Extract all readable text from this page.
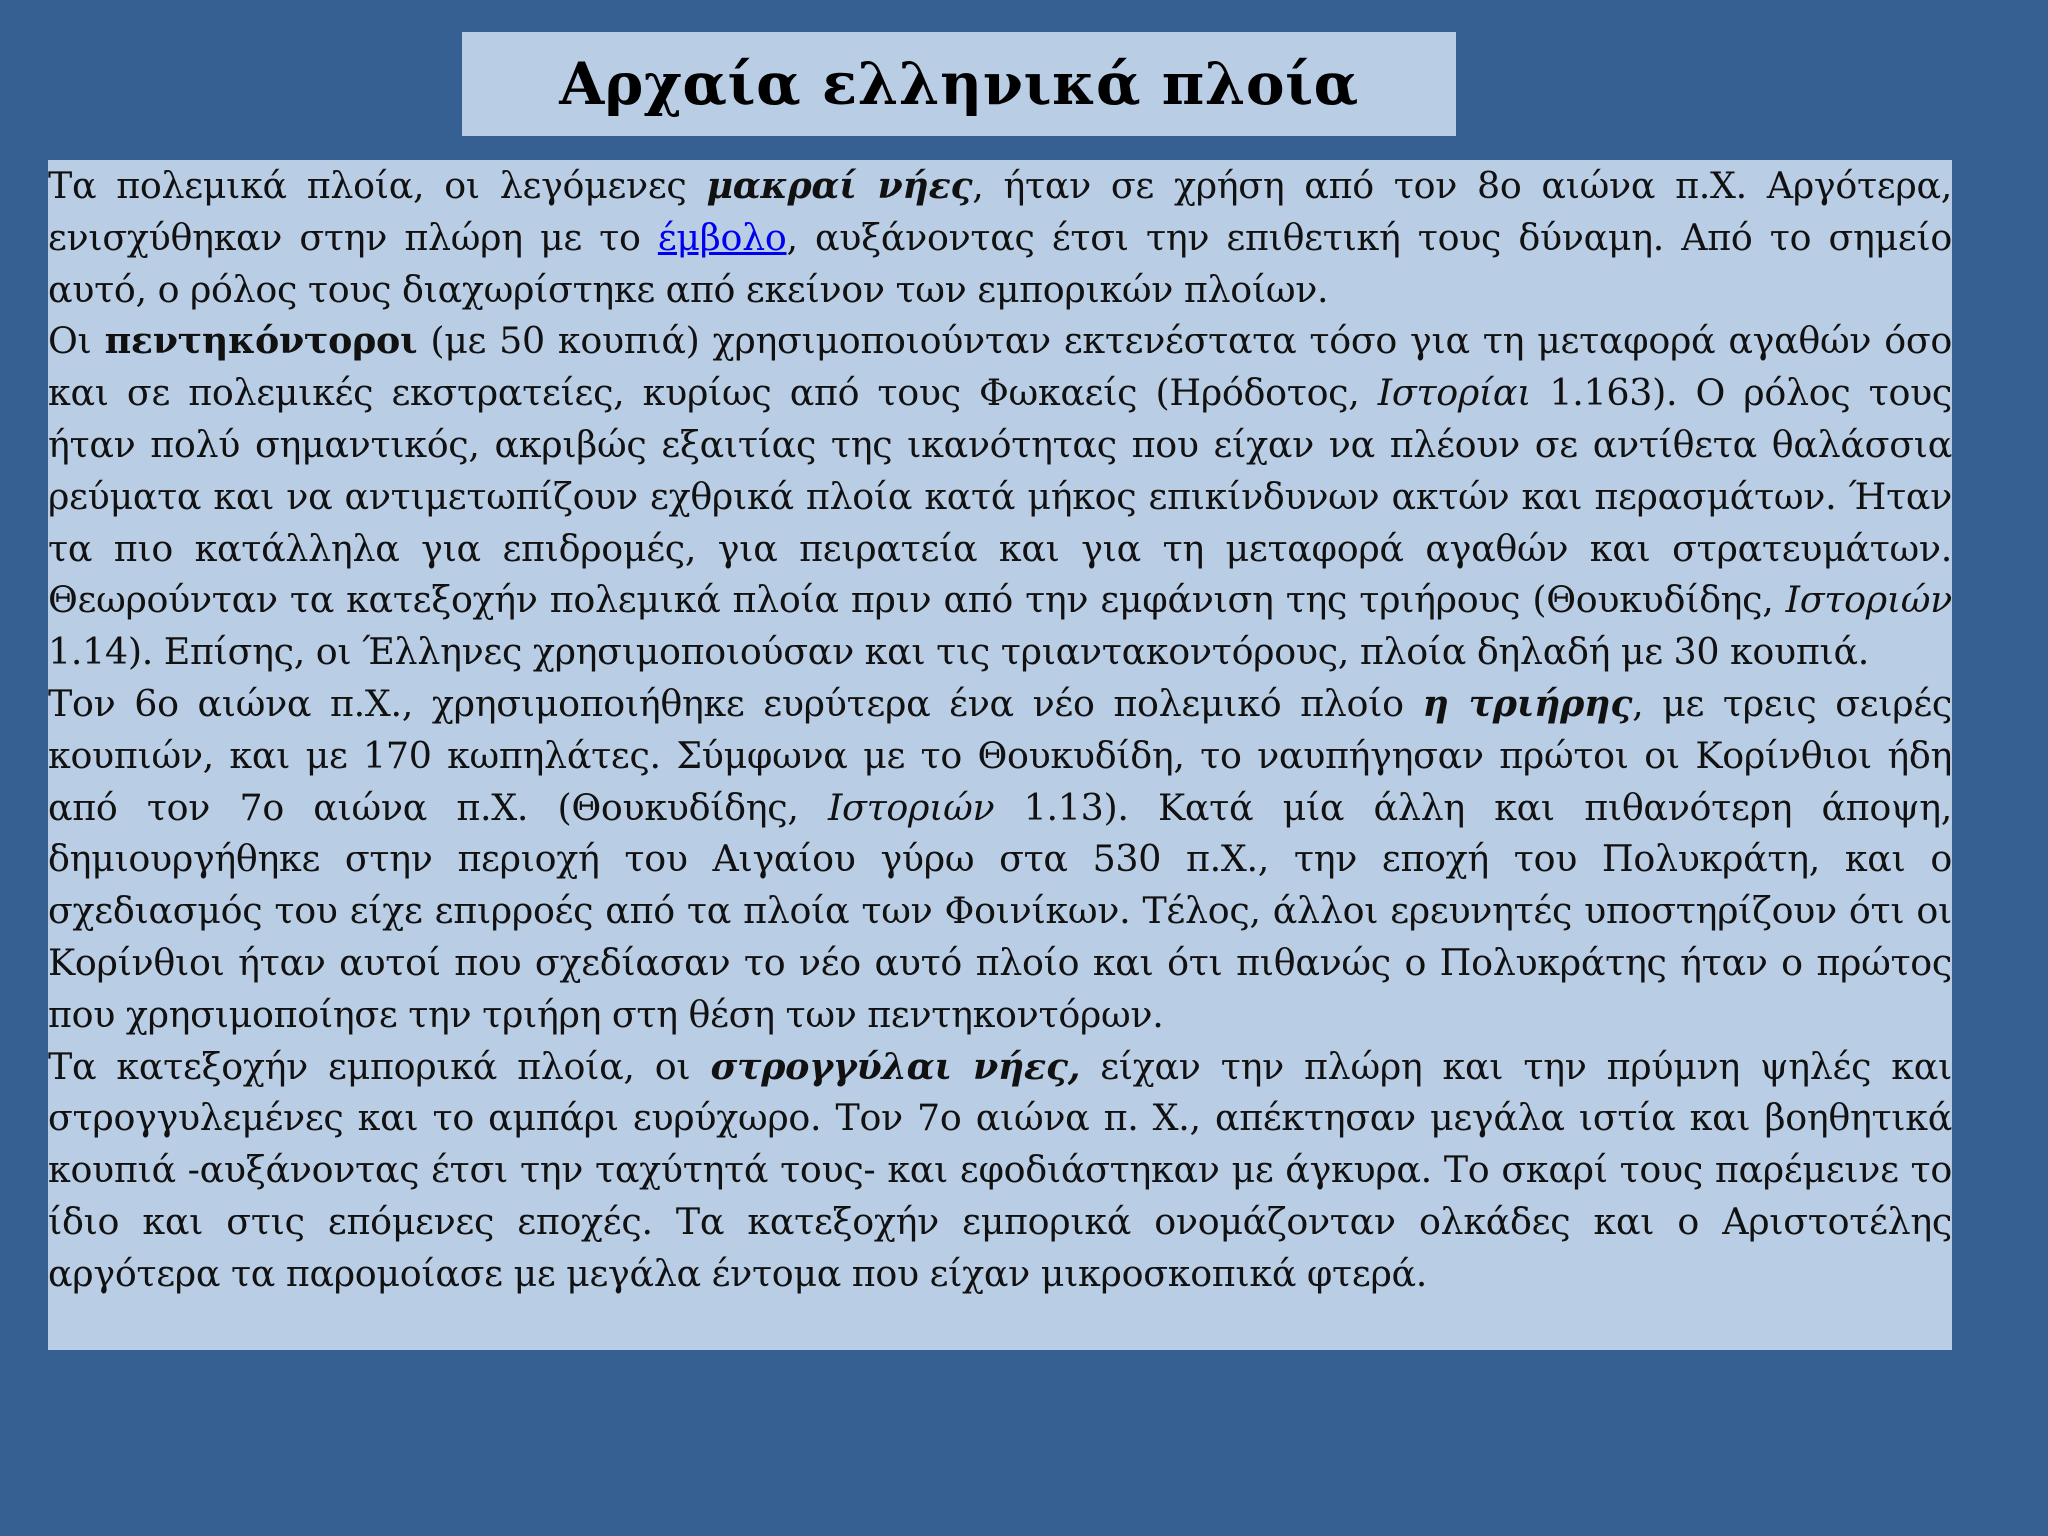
Αρχαία ελληνικά πλοία

Τα πολεμικά πλοία, οι λεγόμενες μακραί νήες, ήταν σε χρήση από τον 8ο αιώνα π.Χ. Αργότερα, ενισχύθηκαν στην πλώρη με το έμβολο, αυξάνοντας έτσι την επιθετική τους δύναμη. Από το σημείο αυτό, ο ρόλος τους διαχωρίστηκε από εκείνον των εμπορικών πλοίων.

Οι πεντηκόντοροι (με 50 κουπιά) χρησιμοποιούνταν εκτενέστατα τόσο για τη μεταφορά αγαθών όσο και σε πολεμικές εκστρατείες, κυρίως από τους Φωκαείς (Ηρόδοτος, Ιστορίαι 1.163). Ο ρόλος τους ήταν πολύ σημαντικός, ακριβώς εξαιτίας της ικανότητας που είχαν να πλέουν σε αντίθετα θαλάσσια ρεύματα και να αντιμετωπίζουν εχθρικά πλοία κατά μήκος επικίνδυνων ακτών και περασμάτων. Ήταν τα πιο κατάλληλα για επιδρομές, για πειρατεία και για τη μεταφορά αγαθών και στρατευμάτων. Θεωρούνταν τα κατεξοχήν πολεμικά πλοία πριν από την εμφάνιση της τριήρους (Θουκυδίδης, Ιστοριών 1.14). Επίσης, οι Έλληνες χρησιμοποιούσαν και τις τριαντακοντόρους, πλοία δηλαδή με 30 κουπιά.

Τον 6ο αιώνα π.Χ., χρησιμοποιήθηκε ευρύτερα ένα νέο πολεμικό πλοίο η τριήρης, με τρεις σειρές κουπιών, και με 170 κωπηλάτες. Σύμφωνα με το Θουκυδίδη, το ναυπήγησαν πρώτοι οι Κορίνθιοι ήδη από τον 7ο αιώνα π.Χ. (Θουκυδίδης, Ιστοριών 1.13). Κατά μία άλλη και πιθανότερη άποψη, δημιουργήθηκε στην περιοχή του Αιγαίου γύρω στα 530 π.Χ., την εποχή του Πολυκράτη, και ο σχεδιασμός του είχε επιρροές από τα πλοία των Φοινίκων. Τέλος, άλλοι ερευνητές υποστηρίζουν ότι οι Κορίνθιοι ήταν αυτοί που σχεδίασαν το νέο αυτό πλοίο και ότι πιθανώς ο Πολυκράτης ήταν ο πρώτος που χρησιμοποίησε την τριήρη στη θέση των πεντηκοντόρων.

Τα κατεξοχήν εμπορικά πλοία, οι στρογγύλαι νήες, είχαν την πλώρη και την πρύμνη ψηλές και στρογγυλεμένες και το αμπάρι ευρύχωρο. Τον 7ο αιώνα π. Χ., απέκτησαν μεγάλα ιστία και βοηθητικά κουπιά -αυξάνοντας έτσι την ταχύτητά τους- και εφοδιάστηκαν με άγκυρα. Το σκαρί τους παρέμεινε το ίδιο και στις επόμενες εποχές. Τα κατεξοχήν εμπορικά ονομάζονταν ολκάδες και ο Αριστοτέλης αργότερα τα παρομοίασε με μεγάλα έντομα που είχαν μικροσκοπικά φτερά.
